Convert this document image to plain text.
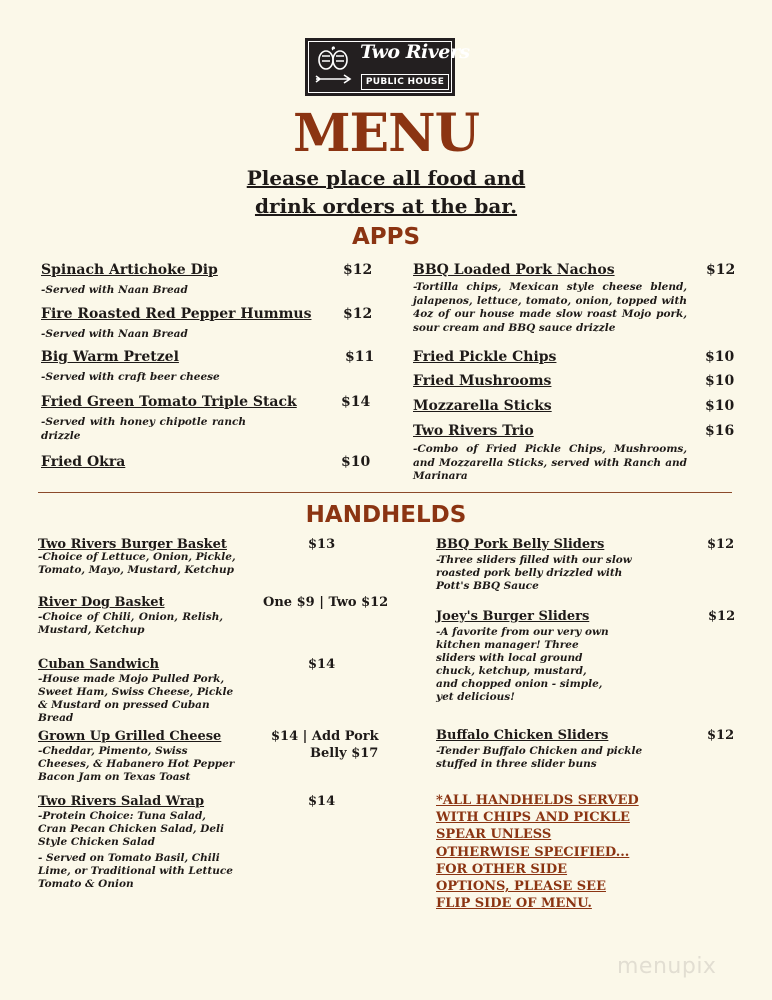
Two Rivers
PUBLIC HOUSE
MENU
Please place all food and
drink orders at the bar.
APPS
Spinach Artichoke Dip	$12
-Served with Naan Bread
Fire Roasted Red Pepper Hummus $12
-Served with Naan Bread
Big Warm Pretzel	$11
-Served with craft beer cheese
Fried Green Tomato Triple Stack	$14
-Served with honey chipotle ranch drizzle
Fried Okra	$10
BBQ Loaded Pork Nachos	$12
-Tortilla chips, Mexican style cheese blend, jalapenos, lettuce, tomato, onion, topped with 4oz of our house made slow roast Mojo pork, sour cream and BBQ sauce drizzle
Fried Pickle Chips	$10
Fried Mushrooms	$10
Mozzarella Sticks	$10
Two Rivers Trio	$16
-Combo of Fried Pickle Chips, Mushrooms, and Mozzarella Sticks, served with Ranch and Marinara
HANDHELDS
Two Rivers Burger Basket	$13
-Choice of Lettuce, Onion, Pickle, Tomato, Mayo, Mustard, Ketchup
River Dog Basket	One $9 | Two $12
-Choice of Chili, Onion, Relish, Mustard, Ketchup
Cuban Sandwich	$14
-House made Mojo Pulled Pork, Sweet Ham, Swiss Cheese, Pickle & Mustard on pressed Cuban Bread
Grown Up Grilled Cheese	$14 | Add Pork
Belly $17
-Cheddar, Pimento, Swiss Cheeses, & Habanero Hot Pepper Bacon Jam on Texas Toast
Two Rivers Salad Wrap	$14
-Protein Choice: Tuna Salad, Cran Pecan Chicken Salad, Deli Style Chicken Salad
- Served on Tomato Basil, Chili Lime, or Traditional with Lettuce Tomato & Onion
BBQ Pork Belly Sliders	$12
-Three sliders filled with our slow roasted pork belly drizzled with Pott's BBQ Sauce
Joey's Burger Sliders	$12
-A favorite from our very own kitchen manager! Three sliders with local ground chuck, ketchup, mustard, and chopped onion - simple, yet delicious!
Buffalo Chicken Sliders	$12
-Tender Buffalo Chicken and pickle stuffed in three slider buns
*ALL HANDHELDS SERVED
WITH CHIPS AND PICKLE
SPEAR UNLESS
OTHERWISE SPECIFIED...
FOR OTHER SIDE
OPTIONS, PLEASE SEE
FLIP SIDE OF MENU.
menupix
